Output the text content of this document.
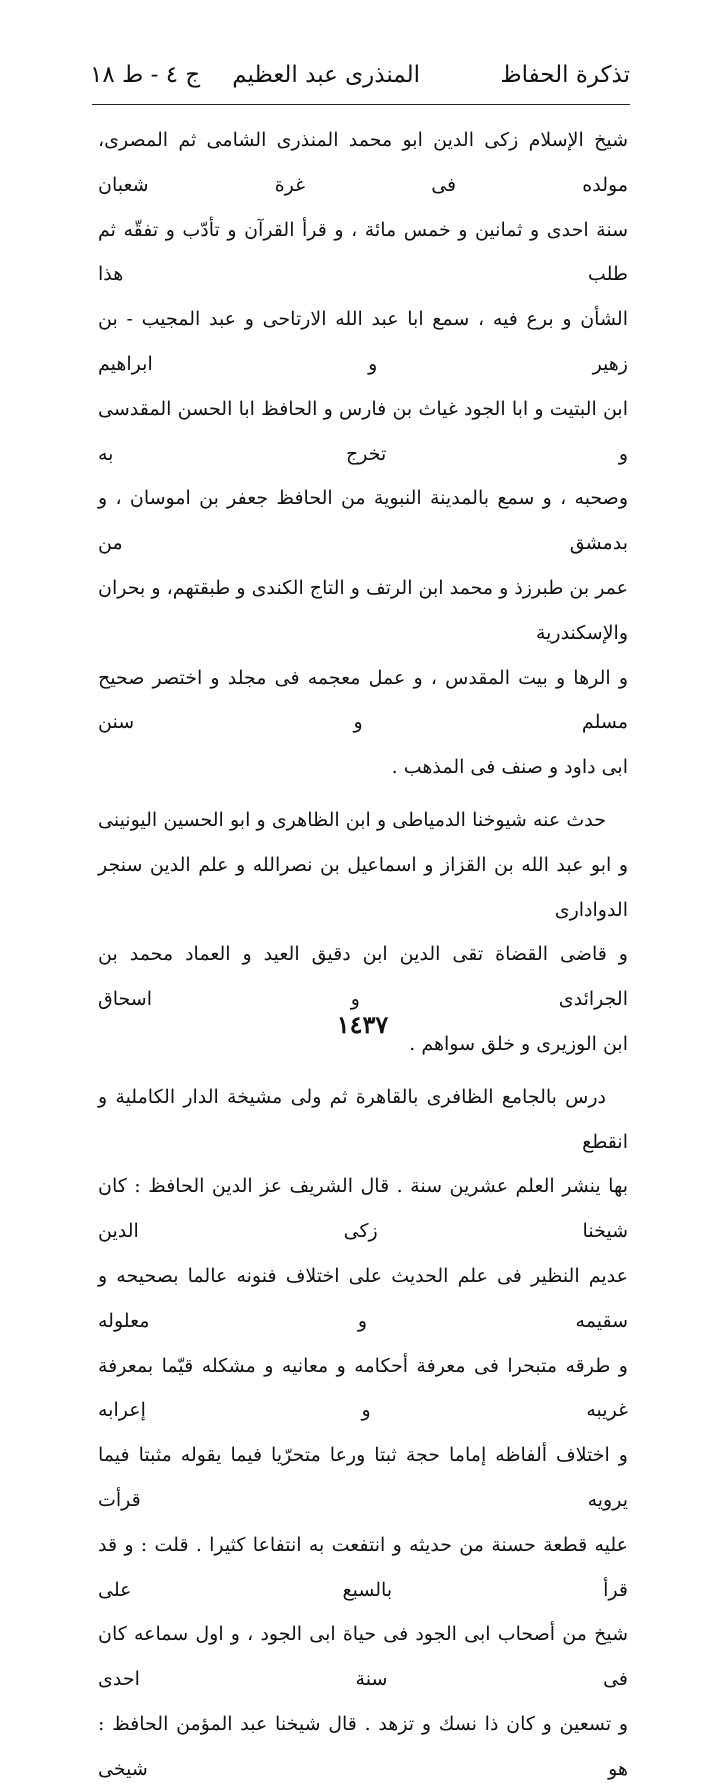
تذكرة الحفاظ
المنذرى عبد العظيم
ج ٤ - ط ١٨

شيخ الإسلام زكى الدين ابو محمد المنذرى الشامى ثم المصرى، مولده فى غرة شعبان

سنة احدى و ثمانين و خمس مائة ، و قرأ القرآن و تأدّب و تفقّه ثم طلب هذا

الشأن و برع فيه ، سمع ابا عبد الله الارتاحى و عبد المجيب - بن زهير و ابراهيم

ابن البتيت و ابا الجود غياث بن فارس و الحافظ ابا الحسن المقدسى و تخرج به

وصحبه ، و سمع بالمدينة النبوية من الحافظ جعفر بن اموسان ، و بدمشق من

عمر بن طبرزذ و محمد ابن الرتف و التاج الكندى و طبقتهم، و بحران والإسكندرية

و الرها و بيت المقدس ، و عمل معجمه فى مجلد و اختصر صحيح مسلم و سنن

ابى داود و صنف فى المذهب .

حدث عنه شيوخنا الدمياطى و ابن الظاهرى و ابو الحسين اليونينى

و ابو عبد الله بن القزاز و اسماعيل بن نصرالله و علم الدين سنجر الدوادارى

و قاضى القضاة تقى الدين ابن دقيق العيد و العماد محمد بن الجرائدى و اسحاق

ابن الوزيرى و خلق سواهم .

درس بالجامع الظافرى بالقاهرة ثم ولى مشيخة الدار الكاملية و انقطع

بها ينشر العلم عشرين سنة . قال الشريف عز الدين الحافظ : كان شيخنا زكى الدين

عديم النظير فى علم الحديث على اختلاف فنونه عالما بصحيحه و سقيمه و معلوله

و طرقه متبحرا فى معرفة أحكامه و معانيه و مشكله قيّما بمعرفة غريبه و إعرابه

و اختلاف ألفاظه إماما حجة ثبتا ورعا متحرّيا فيما يقوله مثبتا فيما يرويه قرأت

عليه قطعة حسنة من حديثه و انتفعت به انتفاعا كثيرا . قلت : و قد قرأ بالسبع على

شيخ من أصحاب ابى الجود فى حياة ابى الجود ، و اول سماعه كان فى سنة احدى

و تسعين و كان ذا نسك و تزهد . قال شيخنا عبد المؤمن الحافظ : هو شيخى

١٤٣٧
